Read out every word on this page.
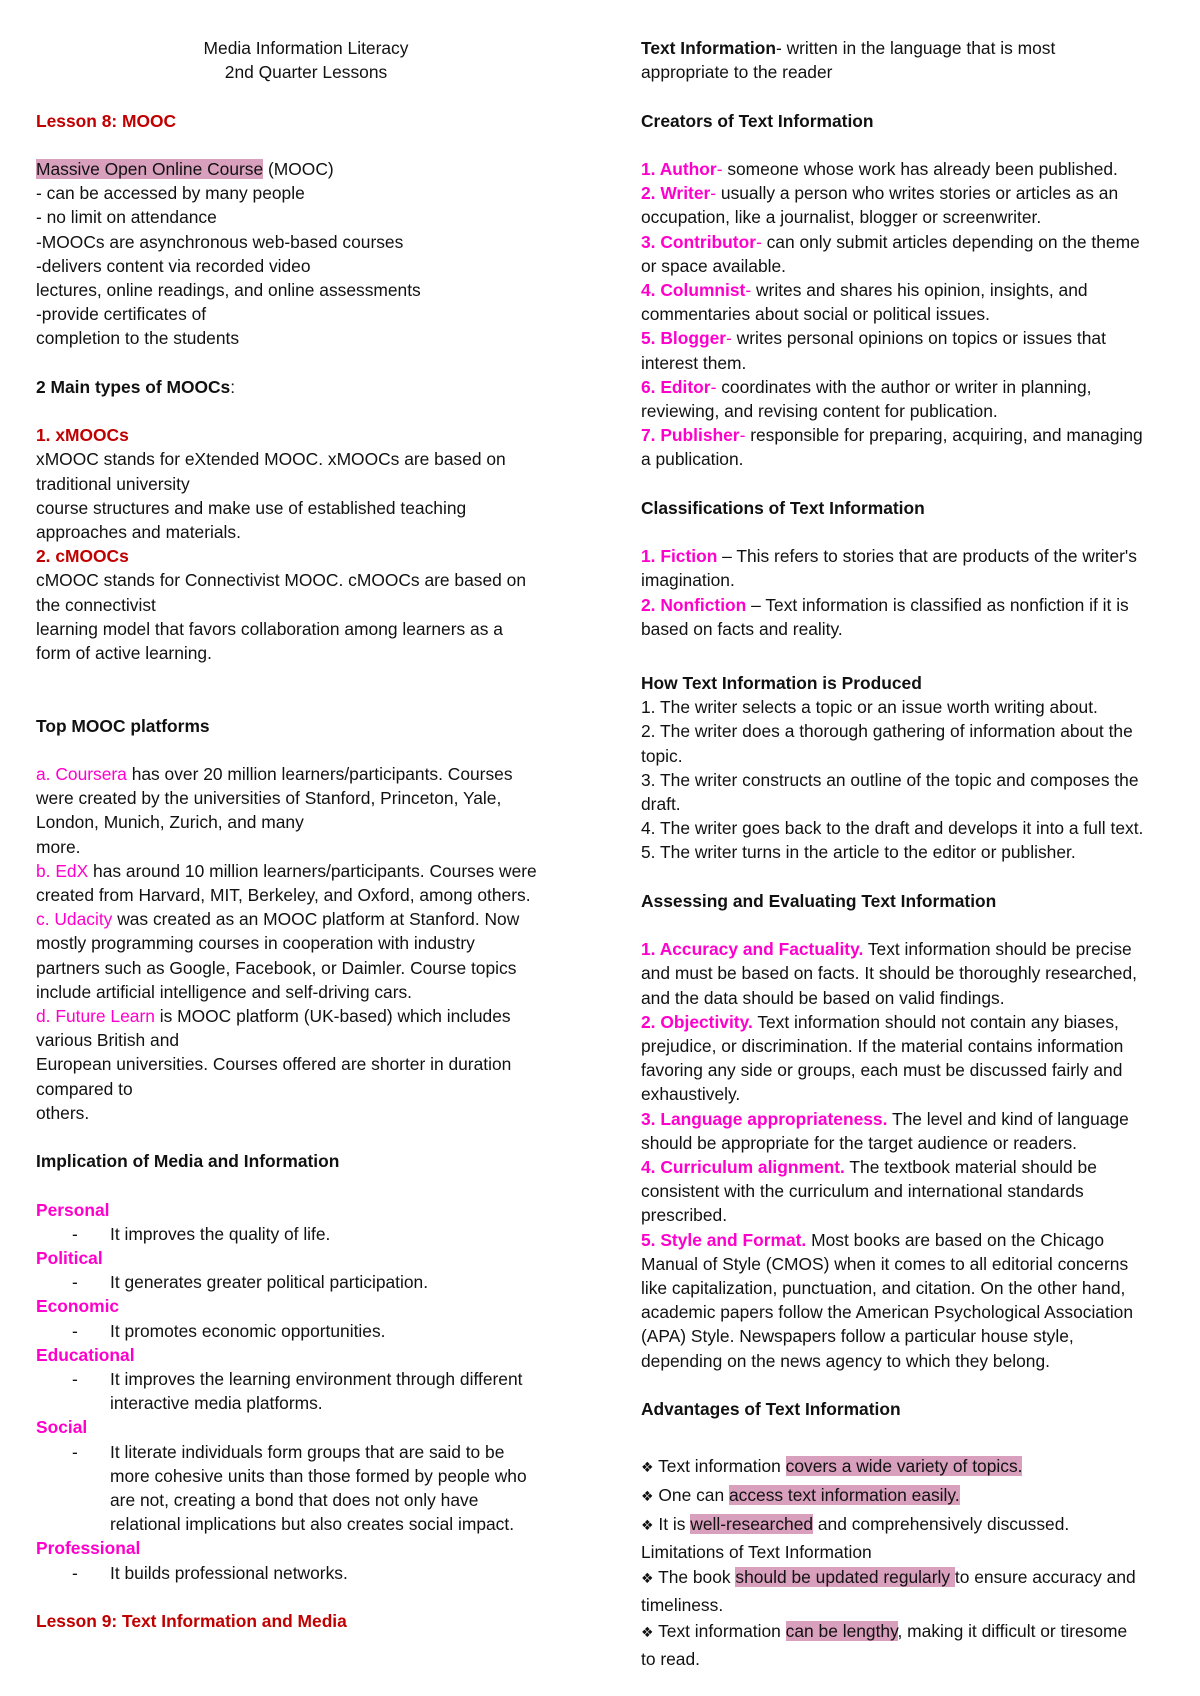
Media Information Literacy
2nd Quarter Lessons
Lesson 8: MOOC
Massive Open Online Course (MOOC)
- can be accessed by many people
- no limit on attendance
-MOOCs are asynchronous web-based courses
-delivers content via recorded video
lectures, online readings, and online assessments
-provide certificates of
completion to the students
2 Main types of MOOCs:
1. xMOOCs
xMOOC stands for eXtended MOOC. xMOOCs are based on
traditional university
course structures and make use of established teaching
approaches and materials.
2. cMOOCs
cMOOC stands for Connectivist MOOC. cMOOCs are based on
the connectivist
learning model that favors collaboration among learners as a
form of active learning.
Top MOOC platforms
a. Coursera has over 20 million learners/participants. Courses
were created by the universities of Stanford, Princeton, Yale,
London, Munich, Zurich, and many
more.
b. EdX has around 10 million learners/participants. Courses were
created from Harvard, MIT, Berkeley, and Oxford, among others.
c. Udacity was created as an MOOC platform at Stanford. Now
mostly programming courses in cooperation with industry
partners such as Google, Facebook, or Daimler. Course topics
include artificial intelligence and self-driving cars.
d. Future Learn is MOOC platform (UK-based) which includes
various British and
European universities. Courses offered are shorter in duration
compared to
others.
Implication of Media and Information
Personal
- It improves the quality of life.
Political
- It generates greater political participation.
Economic
- It promotes economic opportunities.
Educational
- It improves the learning environment through different
interactive media platforms.
Social
- It literate individuals form groups that are said to be
more cohesive units than those formed by people who
are not, creating a bond that does not only have
relational implications but also creates social impact.
Professional
- It builds professional networks.
Lesson 9: Text Information and Media
Text Information- written in the language that is most
appropriate to the reader
Creators of Text Information
1. Author- someone whose work has already been published.
2. Writer- usually a person who writes stories or articles as an
occupation, like a journalist, blogger or screenwriter.
3. Contributor- can only submit articles depending on the theme
or space available.
4. Columnist- writes and shares his opinion, insights, and
commentaries about social or political issues.
5. Blogger- writes personal opinions on topics or issues that
interest them.
6. Editor- coordinates with the author or writer in planning,
reviewing, and revising content for publication.
7. Publisher- responsible for preparing, acquiring, and managing
a publication.
Classifications of Text Information
1. Fiction – This refers to stories that are products of the writer's
imagination.
2. Nonfiction – Text information is classified as nonfiction if it is
based on facts and reality.
How Text Information is Produced
1. The writer selects a topic or an issue worth writing about.
2. The writer does a thorough gathering of information about the
topic.
3. The writer constructs an outline of the topic and composes the
draft.
4. The writer goes back to the draft and develops it into a full text.
5. The writer turns in the article to the editor or publisher.
Assessing and Evaluating Text Information
1. Accuracy and Factuality. Text information should be precise
and must be based on facts. It should be thoroughly researched,
and the data should be based on valid findings.
2. Objectivity. Text information should not contain any biases,
prejudice, or discrimination. If the material contains information
favoring any side or groups, each must be discussed fairly and
exhaustively.
3. Language appropriateness. The level and kind of language
should be appropriate for the target audience or readers.
4. Curriculum alignment. The textbook material should be
consistent with the curriculum and international standards
prescribed.
5. Style and Format. Most books are based on the Chicago
Manual of Style (CMOS) when it comes to all editorial concerns
like capitalization, punctuation, and citation. On the other hand,
academic papers follow the American Psychological Association
(APA) Style. Newspapers follow a particular house style,
depending on the news agency to which they belong.
Advantages of Text Information
❖ Text information covers a wide variety of topics.
❖ One can access text information easily.
❖ It is well-researched and comprehensively discussed.
Limitations of Text Information
❖ The book should be updated regularly to ensure accuracy and
timeliness.
❖ Text information can be lengthy, making it difficult or tiresome
to read.
